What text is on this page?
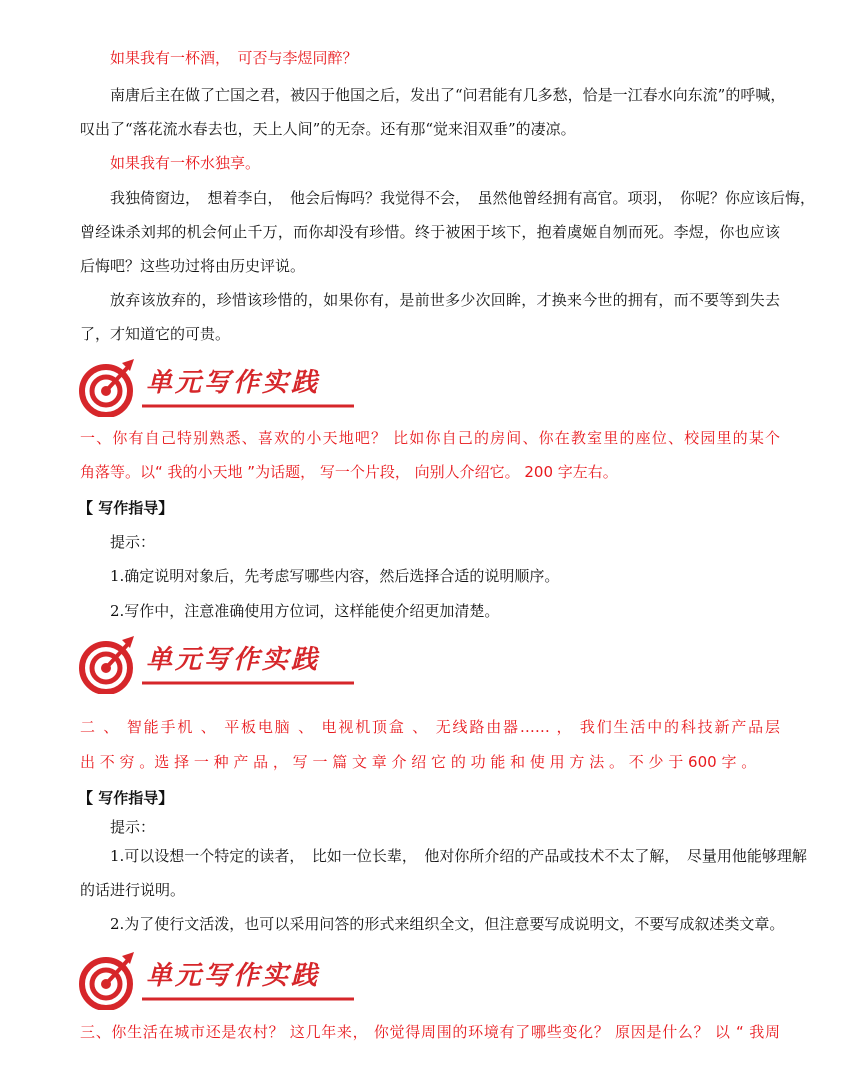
如果我有一杯酒，　可否与李煜同醉？
南唐后主在做了亡国之君，被囚于他国之后，发出了“问君能有几多愁，恰是一江春水向东流”的呼喊，
叹出了“落花流水春去也，天上人间”的无奈。还有那“觉来泪双垂”的凄凉。
如果我有一杯水独享。
我独倚窗边，　想着李白，　他会后悔吗？我觉得不会，　虽然他曾经拥有高官。项羽，　你呢？你应该后悔，
曾经诛杀刘邦的机会何止千万，而你却没有珍惜。终于被困于垓下，抱着虞姬自刎而死。李煜，你也应该
后悔吧？这些功过将由历史评说。
放弃该放弃的，珍惜该珍惜的，如果你有，是前世多少次回眸，才换来今世的拥有，而不要等到失去
了，才知道它的可贵。
单元写作实践
一、你有自己特别熟悉、喜欢的小天地吧？ 比如你自己的房间、你在教室里的座位、校园里的某个
角落等。以“ 我的小天地 ”为话题， 写一个片段， 向别人介绍它。 200 字左右。
【 写作指导】
提示：
1.确定说明对象后，先考虑写哪些内容，然后选择合适的说明顺序。
2.写作中，注意准确使用方位词，这样能使介绍更加清楚。
单元写作实践
二 、 智能手机 、 平板电脑 、 电视机顶盒 、 无线路由器…… ， 我们生活中的科技新产品层
出 不 穷 。选 择 一 种 产 品 ， 写 一 篇 文 章 介 绍 它 的 功 能 和 使 用 方 法 。 不 少 于 600 字 。
【 写作指导】
提示：
1.可以设想一个特定的读者，　比如一位长辈，　他对你所介绍的产品或技术不太了解，　尽量用他能够理解
的话进行说明。
2.为了使行文活泼，也可以采用问答的形式来组织全文，但注意要写成说明文，不要写成叙述类文章。
单元写作实践
三、你生活在城市还是农村？ 这几年来， 你觉得周围的环境有了哪些变化？ 原因是什么？ 以 “ 我周
